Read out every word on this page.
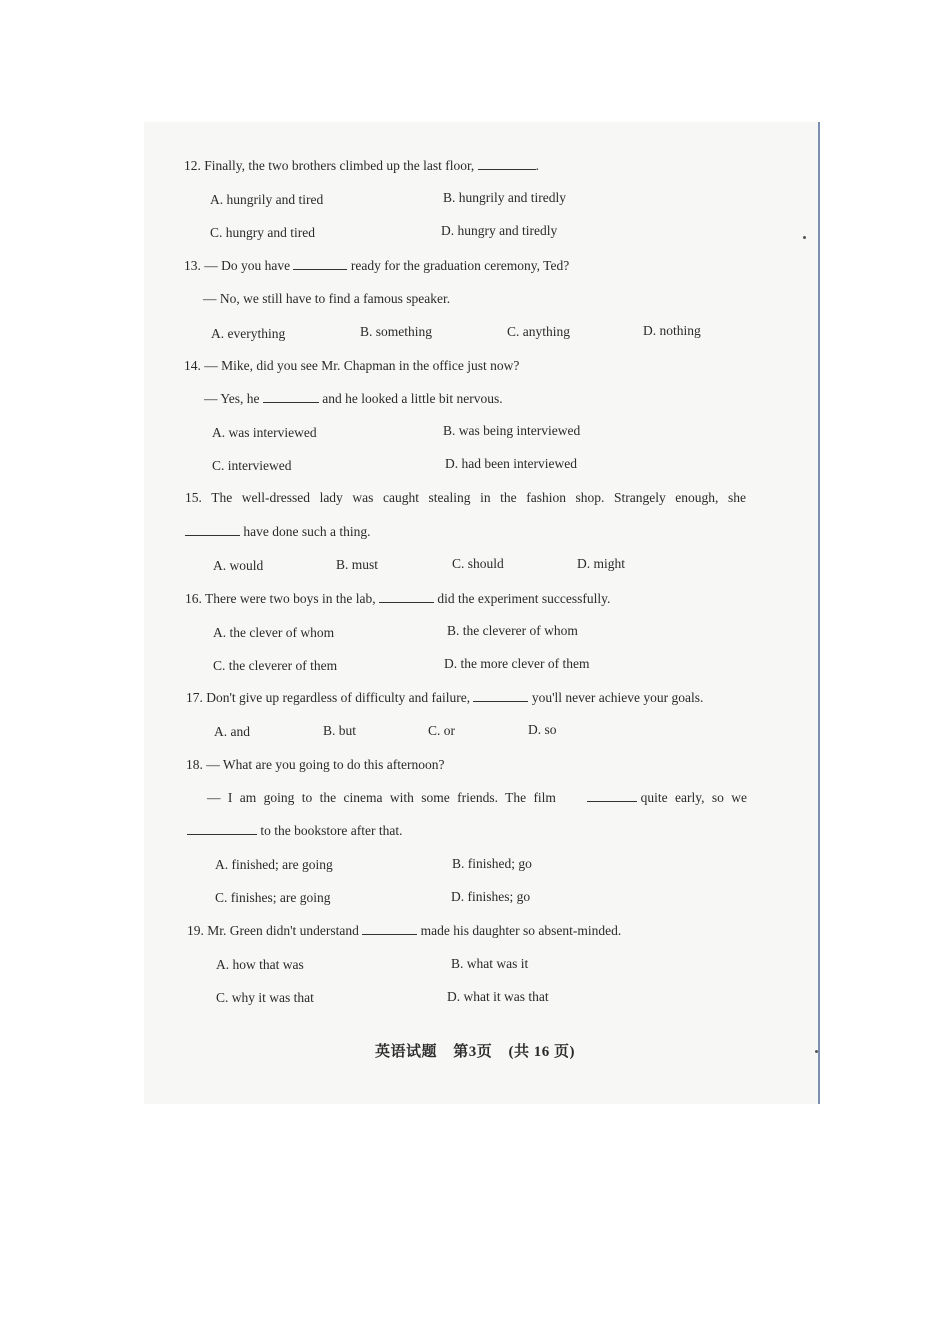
12. Finally, the two brothers climbed up the last floor,	.
A. hungrily and tired	B. hungrily and tiredly
C. hungry and tired	D. hungry and tiredly
13. — Do you have	ready for the graduation ceremony, Ted?
— No, we still have to find a famous speaker.
A. everything	B. something	C. anything	D. nothing
14. — Mike, did you see Mr. Chapman in the office just now?
— Yes, he	and he looked a little bit nervous.
A. was interviewed	B. was being interviewed
C. interviewed	D. had been interviewed
15. The well-dressed lady was caught stealing in the fashion shop. Strangely enough, she
have done such a thing.
A. would	B. must	C. should	D. might
16. There were two boys in the lab,	did the experiment successfully.
A. the clever of whom	B. the cleverer of whom
C. the cleverer of them	D. the more clever of them
17. Don't give up regardless of difficulty and failure,	you'll never achieve your goals.
A. and	B. but	C. or	D. so
18. — What are you going to do this afternoon?
— I am going to the cinema with some friends. The film	quite early, so we
to the bookstore after that.
A. finished; are going	B. finished; go
C. finishes; are going	D. finishes; go
19. Mr. Green didn't understand	made his daughter so absent-minded.
A. how that was	B. what was it
C. why it was that	D. what it was that
英语试题 第3页 (共 16 页)
